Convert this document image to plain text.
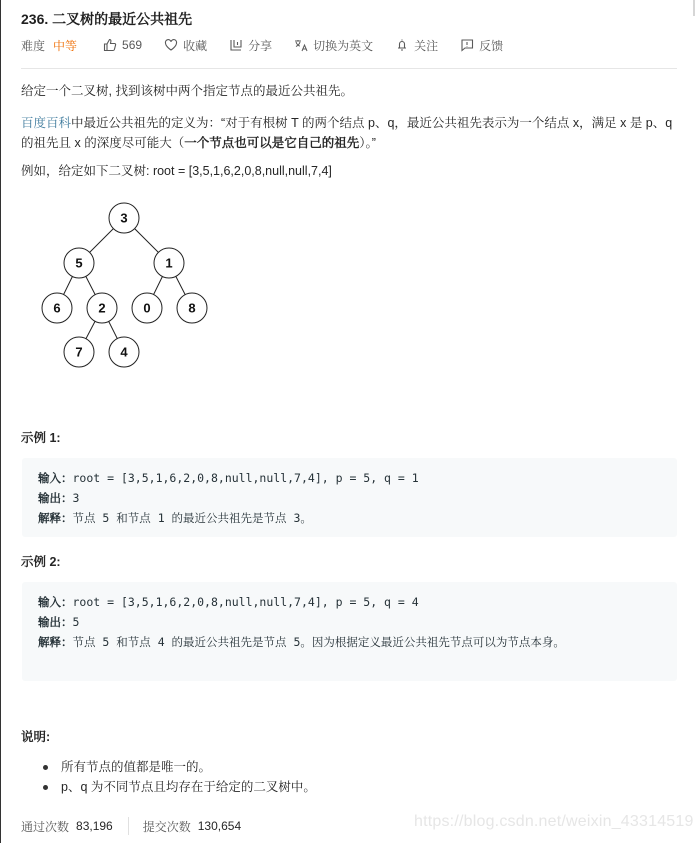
236. 二叉树的最近公共祖先
难度 中等	569	收藏	分享	切换为英文	关注	反馈
给定一个二叉树, 找到该树中两个指定节点的最近公共祖先。
百度百科中最近公共祖先的定义为：“对于有根树 T 的两个结点 p、q，最近公共祖先表示为一个结点 x，满足 x 是 p、q 的祖先且 x 的深度尽可能大（一个节点也可以是它自己的祖先）。”
例如，给定如下二叉树: root = [3,5,1,6,2,0,8,null,null,7,4]
3
5	1
6	2	0	8
7	4
示例 1:
输入：root = [3,5,1,6,2,0,8,null,null,7,4], p = 5, q = 1
输出：3
解释：节点 5 和节点 1 的最近公共祖先是节点 3。
示例 2:
输入：root = [3,5,1,6,2,0,8,null,null,7,4], p = 5, q = 4
输出：5
解释：节点 5 和节点 4 的最近公共祖先是节点 5。因为根据定义最近公共祖先节点可以为节点本身。
说明:
所有节点的值都是唯一的。
p、q 为不同节点且均存在于给定的二叉树中。
通过次数 83,196	提交次数 130,654	https://blog.csdn.net/weixin_43314519
